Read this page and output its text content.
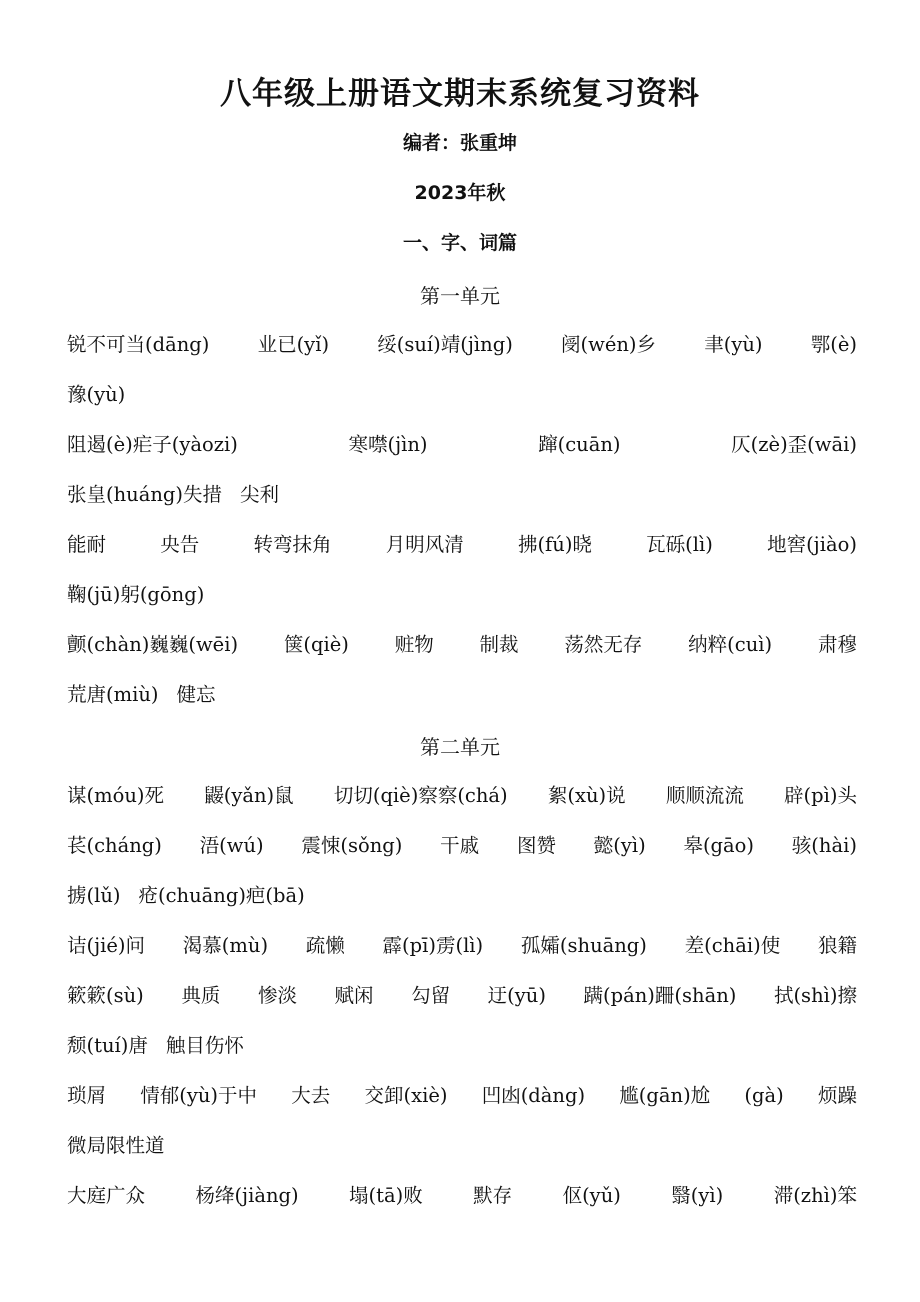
八年级上册语文期末系统复习资料
编者：张重坤
2023年秋
一、字、词篇
第一单元
第二单元
锐不可当(dāng) 业已(yǐ) 绥(suí)靖(jìng) 阌(wén)乡 聿(yù) 鄂(è)
豫(yù)
阻遏(è)疟子(yàozi)	寒噤(jìn)	蹿(cuān)	仄(zè)歪(wāi)
张皇(huáng)失措 尖利
能耐	央告	转弯抹角	月明风清	拂(fú)晓	瓦砾(lì)	地窖(jiào)
鞠(jū)躬(gōng)
颤(chàn)巍巍(wēi) 箧(qiè) 赃物 制裁 荡然无存 纳粹(cuì) 肃穆
荒唐(miù) 健忘
谋(móu)死 鼹(yǎn)鼠 切切(qiè)察察(chá) 絮(xù)说 顺顺流流 辟(pì)头
苌(cháng) 浯(wú) 震悚(sǒng) 干戚 图赞 懿(yì) 皋(gāo) 骇(hài)
掳(lǔ) 疮(chuāng)疤(bā)
诘(jié)问 渴慕(mù) 疏懒 霹(pī)雳(lì) 孤孀(shuāng) 差(chāi)使 狼籍
簌簌(sù) 典质 惨淡 赋闲 勾留 迂(yū) 蹒(pán)跚(shān) 拭(shì)擦
颓(tuí)唐 触目伤怀
琐屑 情郁(yù)于中 大去 交卸(xiè) 凹凼(dàng) 尴(gān)尬 (gà) 烦躁
微局限性道
大庭广众	杨绛(jiàng)	塌(tā)败	默存	伛(yǔ)	翳(yì)	滞(zhì)笨
